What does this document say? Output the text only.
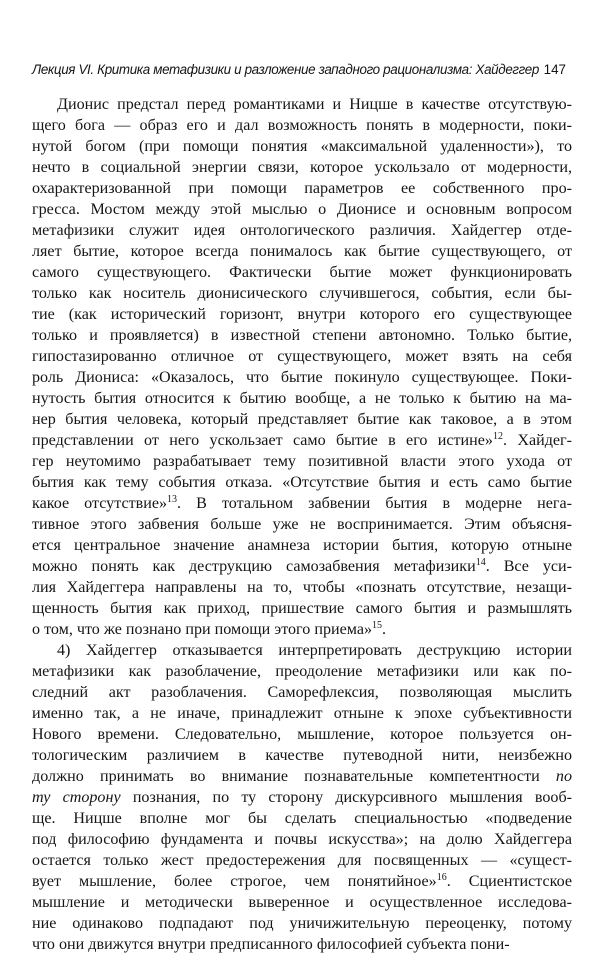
Лекция VI. Критика метафизики и разложение западного рационализма: Хайдеггер 147
Дионис предстал перед романтиками и Ницше в качестве отсутствую-
щего бога — образ его и дал возможность понять в модерности, поки-
нутой богом (при помощи понятия «максимальной удаленности»), то
нечто в социальной энергии связи, которое ускользало от модерности,
охарактеризованной при помощи параметров ее собственного про-
гресса. Мостом между этой мыслью о Дионисе и основным вопросом
метафизики служит идея онтологического различия. Хайдеггер отде-
ляет бытие, которое всегда понималось как бытие существующего, от
самого существующего. Фактически бытие может функционировать
только как носитель дионисического случившегося, события, если бы-
тие (как исторический горизонт, внутри которого его существующее
только и проявляется) в известной степени автономно. Только бытие,
гипостазированно отличное от существующего, может взять на себя
роль Диониса: «Оказалось, что бытие покинуло существующее. Поки-
нутость бытия относится к бытию вообще, а не только к бытию на ма-
нер бытия человека, который представляет бытие как таковое, а в этом
представлении от него ускользает само бытие в его истине»$^{12}$. Хайдег-
гер неутомимо разрабатывает тему позитивной власти этого ухода от
бытия как тему события отказа. «Отсутствие бытия и есть само бытие
какое отсутствие»$^{13}$. В тотальном забвении бытия в модерне нега-
тивное этого забвения больше уже не воспринимается. Этим объясня-
ется центральное значение анамнеза истории бытия, которую отныне
можно понять как деструкцию самозабвения метафизики$^{14}$. Все уси-
лия Хайдеггера направлены на то, чтобы «познать отсутствие, незащи-
щенность бытия как приход, пришествие самого бытия и размышлять
о том, что же познано при помощи этого приема»$^{15}$.
4) Хайдеггер отказывается интерпретировать деструкцию истории
метафизики как разоблачение, преодоление метафизики или как по-
следний акт разоблачения. Саморефлексия, позволяющая мыслить
именно так, а не иначе, принадлежит отныне к эпохе субъективности
Нового времени. Следовательно, мышление, которое пользуется он-
тологическим различием в качестве путеводной нити, неизбежно
должно принимать во внимание познавательные компетентности по
ту сторону познания, по ту сторону дискурсивного мышления вооб-
ще. Ницше вполне мог бы сделать специальностью «подведение
под философию фундамента и почвы искусства»; на долю Хайдеггера
остается только жест предостережения для посвященных — «сущест-
вует мышление, более строгое, чем понятийное»$^{16}$. Сциентистское
мышление и методически выверенное и осуществленное исследова-
ние одинаково подпадают под уничижительную переоценку, потому
что они движутся внутри предписанного философией субъекта пони-
